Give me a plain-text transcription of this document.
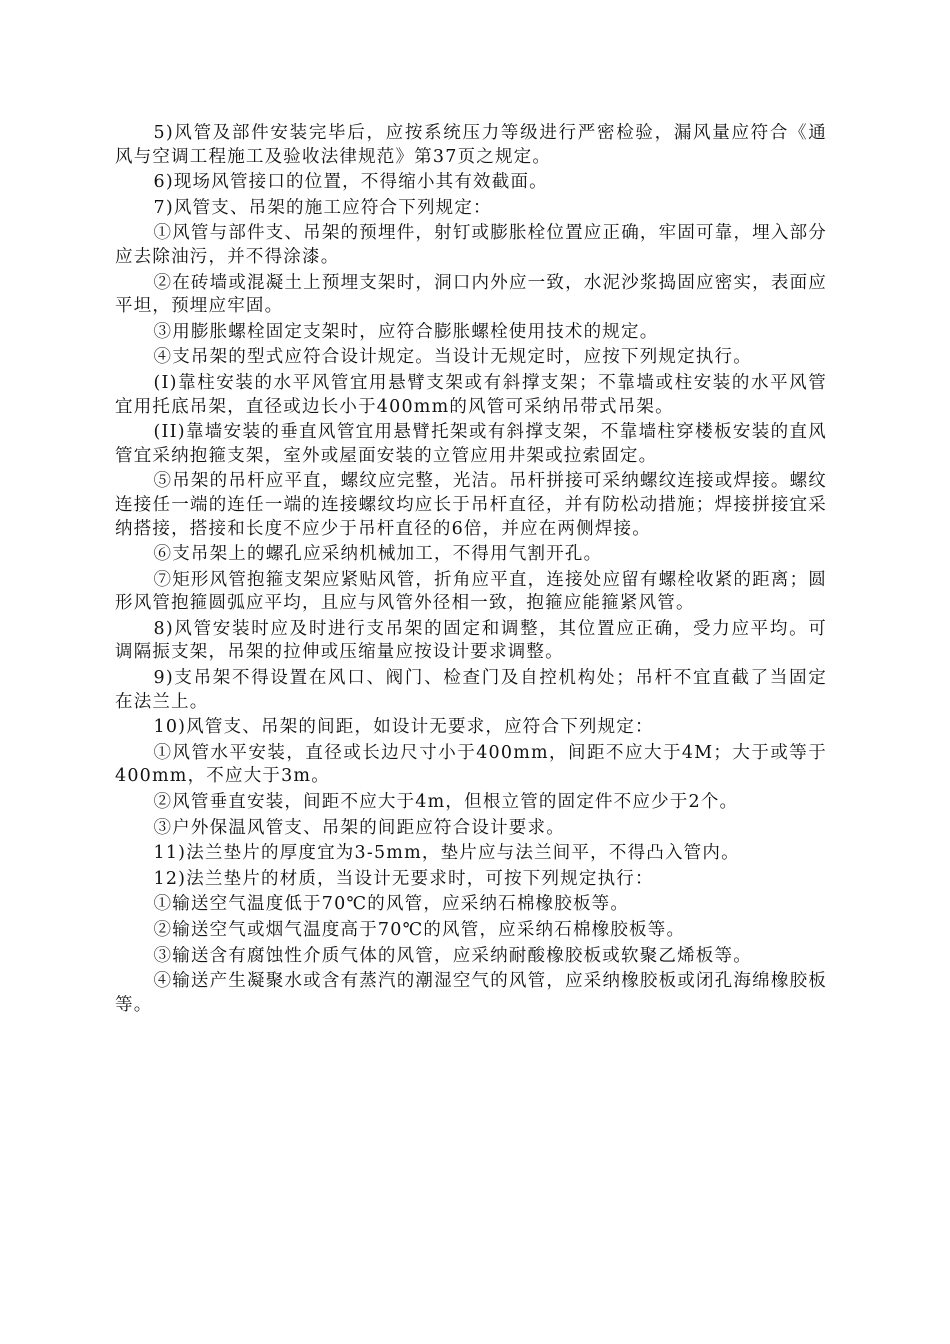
5)风管及部件安装完毕后，应按系统压力等级进行严密检验，漏风量应符合《通风与空调工程施工及验收法律规范》第37页之规定。

6)现场风管接口的位置，不得缩小其有效截面。

7)风管支、吊架的施工应符合下列规定：

①风管与部件支、吊架的预埋件，射钉或膨胀栓位置应正确，牢固可靠，埋入部分应去除油污，并不得涂漆。

②在砖墙或混凝土上预埋支架时，洞口内外应一致，水泥沙浆捣固应密实，表面应平坦，预埋应牢固。

③用膨胀螺栓固定支架时，应符合膨胀螺栓使用技术的规定。

④支吊架的型式应符合设计规定。当设计无规定时，应按下列规定执行。

(I)靠柱安装的水平风管宜用悬臂支架或有斜撑支架；不靠墙或柱安装的水平风管宜用托底吊架，直径或边长小于400mm的风管可采纳吊带式吊架。

(II)靠墙安装的垂直风管宜用悬臂托架或有斜撑支架，不靠墙柱穿楼板安装的直风管宜采纳抱箍支架，室外或屋面安装的立管应用井架或拉索固定。

⑤吊架的吊杆应平直，螺纹应完整，光洁。吊杆拼接可采纳螺纹连接或焊接。螺纹连接任一端的连任一端的连接螺纹均应长于吊杆直径，并有防松动措施；焊接拼接宜采纳搭接，搭接和长度不应少于吊杆直径的6倍，并应在两侧焊接。

⑥支吊架上的螺孔应采纳机械加工，不得用气割开孔。

⑦矩形风管抱箍支架应紧贴风管，折角应平直，连接处应留有螺栓收紧的距离；圆形风管抱箍圆弧应平均，且应与风管外径相一致，抱箍应能箍紧风管。

8)风管安装时应及时进行支吊架的固定和调整，其位置应正确，受力应平均。可调隔振支架，吊架的拉伸或压缩量应按设计要求调整。

9)支吊架不得设置在风口、阀门、检查门及自控机构处；吊杆不宜直截了当固定在法兰上。

10)风管支、吊架的间距，如设计无要求，应符合下列规定：

①风管水平安装，直径或长边尺寸小于400mm，间距不应大于4M；大于或等于400mm，不应大于3m。

②风管垂直安装，间距不应大于4m，但根立管的固定件不应少于2个。

③户外保温风管支、吊架的间距应符合设计要求。

11)法兰垫片的厚度宜为3-5mm，垫片应与法兰间平，不得凸入管内。

12)法兰垫片的材质，当设计无要求时，可按下列规定执行：

①输送空气温度低于70℃的风管，应采纳石棉橡胶板等。

②输送空气或烟气温度高于70℃的风管，应采纳石棉橡胶板等。

③输送含有腐蚀性介质气体的风管，应采纳耐酸橡胶板或软聚乙烯板等。

④输送产生凝聚水或含有蒸汽的潮湿空气的风管，应采纳橡胶板或闭孔海绵橡胶板等。
